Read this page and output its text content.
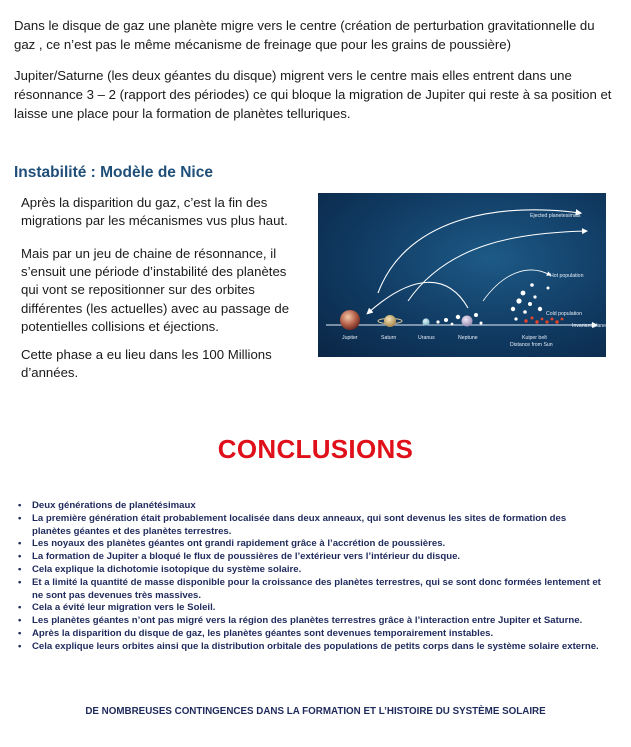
Dans le disque de gaz une planète migre vers le centre (création de perturbation gravitationnelle du gaz , ce n’est pas le même mécanisme de freinage que pour les grains de poussière)

Jupiter/Saturne (les deux géantes du disque) migrent vers le centre mais elles entrent dans une résonnance 3 – 2 (rapport des périodes) ce qui bloque la migration de Jupiter qui reste à sa position et laisse une place pour la formation de planètes telluriques.

Instabilité : Modèle de Nice

Après la disparition du gaz, c’est la fin des migrations par les mécanismes vus plus haut.

Mais par un jeu de chaine de résonnance, il s’ensuit une période d’instabilité des planètes qui vont se repositionner sur des orbites différentes (les actuelles) avec au passage de potentielles collisions et éjections.

Cette phase a eu lieu dans les 100 Millions d’années.

Ejected planetesimals
Hot population
Cold population
Invariant plane
Jupiter	Saturn	Uranus	Neptune	Kuiper belt
Distance from Sun
CONCLUSIONS
• Deux générations de planétésimaux
• La première génération était probablement localisée dans deux anneaux, qui sont devenus les sites de formation des planètes géantes et des planètes terrestres.
• Les noyaux des planètes géantes ont grandi rapidement grâce à l’accrétion de poussières.
• La formation de Jupiter a bloqué le flux de poussières de l’extérieur vers l’intérieur du disque.
• Cela explique la dichotomie isotopique du système solaire.
• Et a limité la quantité de masse disponible pour la croissance des planètes terrestres, qui se sont donc formées lentement et ne sont pas devenues très massives.
• Cela a évité leur migration vers le Soleil.
• Les planètes géantes n’ont pas migré vers la région des planètes terrestres grâce à l’interaction entre Jupiter et Saturne.
• Après la disparition du disque de gaz, les planètes géantes sont devenues temporairement instables.
• Cela explique leurs orbites ainsi que la distribution orbitale des populations de petits corps dans le système solaire externe.

DE NOMBREUSES CONTINGENCES DANS LA FORMATION ET L’HISTOIRE DU SYSTÈME SOLAIRE
